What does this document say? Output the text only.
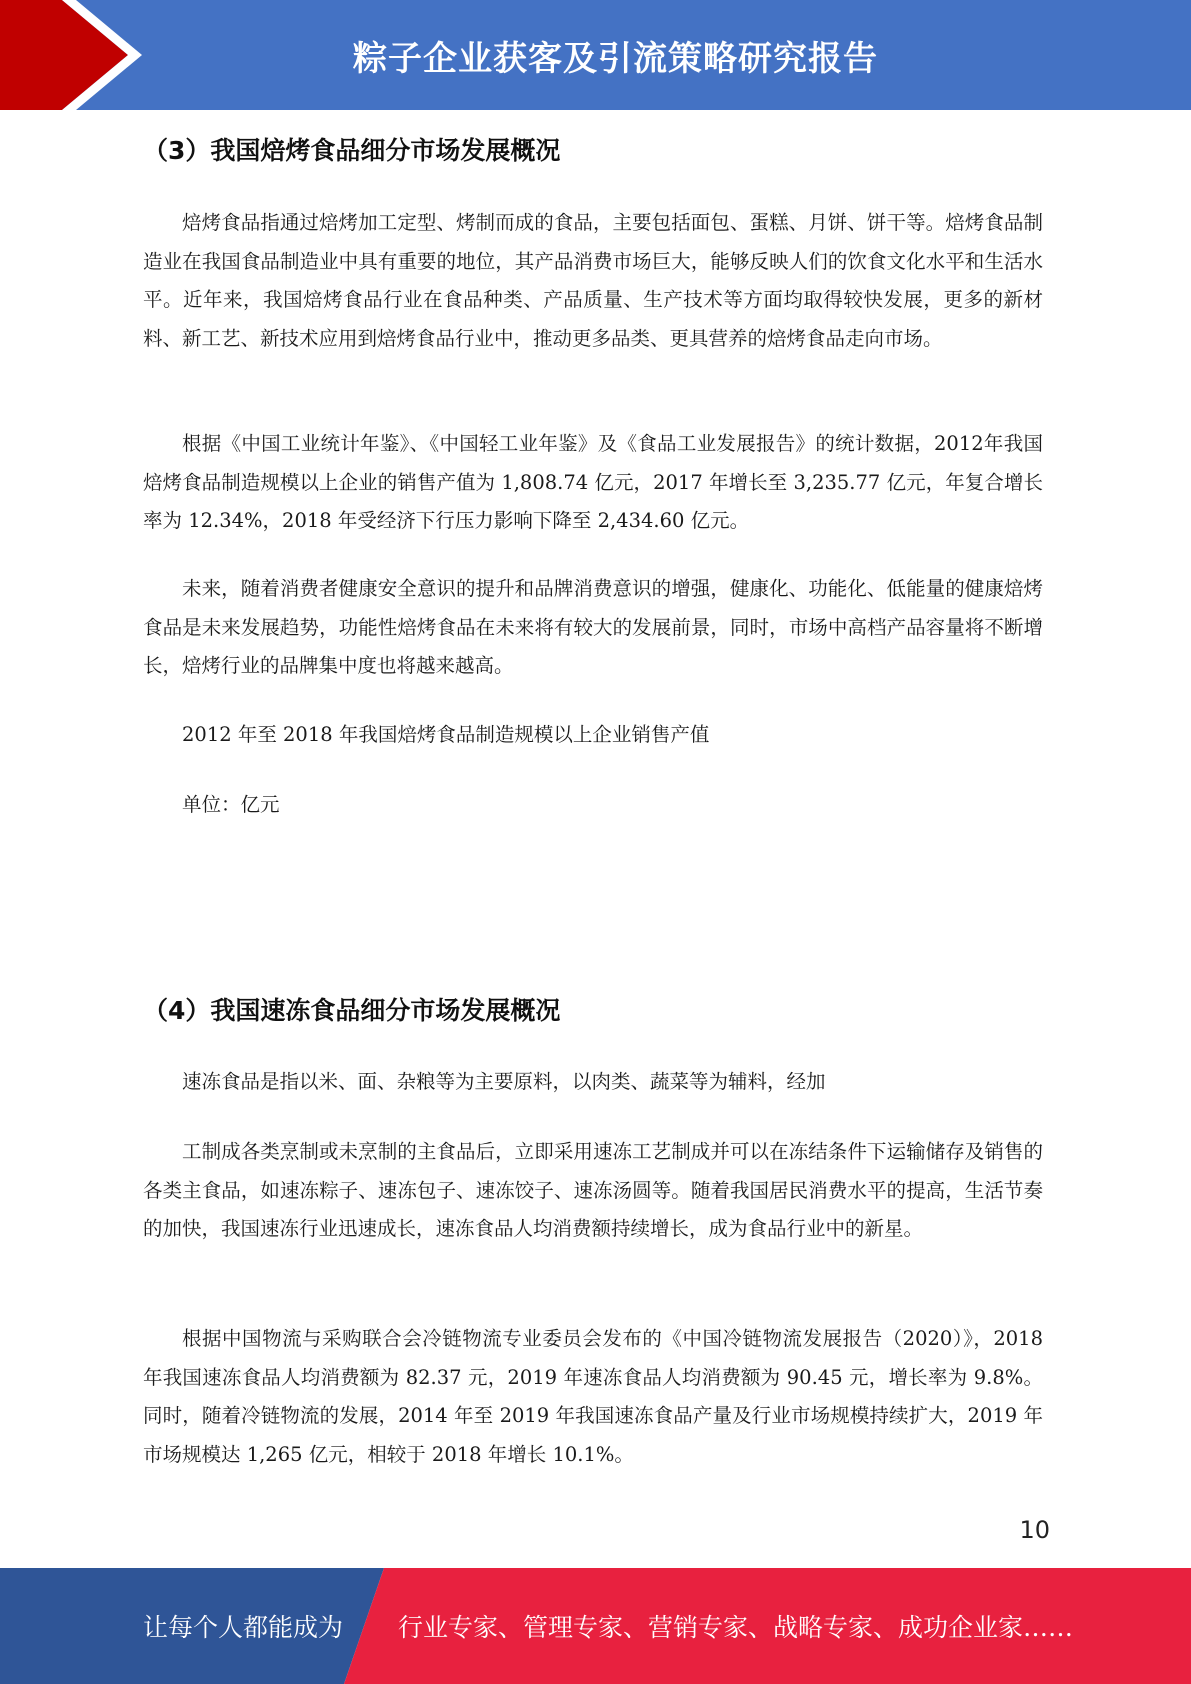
粽子企业获客及引流策略研究报告
（3）我国焙烤食品细分市场发展概况

焙烤食品指通过焙烤加工定型、烤制而成的食品，主要包括面包、蛋糕、月饼、饼干等。焙烤食品制造业在我国食品制造业中具有重要的地位，其产品消费市场巨大，能够反映人们的饮食文化水平和生活水平。近年来，我国焙烤食品行业在食品种类、产品质量、生产技术等方面均取得较快发展，更多的新材料、新工艺、新技术应用到焙烤食品行业中，推动更多品类、更具营养的焙烤食品走向市场。

根据《中国工业统计年鉴》、《中国轻工业年鉴》及《食品工业发展报告》的统计数据，2012年我国焙烤食品制造规模以上企业的销售产值为 1,808.74 亿元，2017 年增长至 3,235.77 亿元，年复合增长率为 12.34%，2018 年受经济下行压力影响下降至 2,434.60 亿元。

未来，随着消费者健康安全意识的提升和品牌消费意识的增强，健康化、功能化、低能量的健康焙烤食品是未来发展趋势，功能性焙烤食品在未来将有较大的发展前景，同时，市场中高档产品容量将不断增长，焙烤行业的品牌集中度也将越来越高。

2012 年至 2018 年我国焙烤食品制造规模以上企业销售产值
单位：亿元
（4）我国速冻食品细分市场发展概况
速冻食品是指以米、面、杂粮等为主要原料，以肉类、蔬菜等为辅料，经加

工制成各类烹制或未烹制的主食品后，立即采用速冻工艺制成并可以在冻结条件下运输储存及销售的各类主食品，如速冻粽子、速冻包子、速冻饺子、速冻汤圆等。随着我国居民消费水平的提高，生活节奏的加快，我国速冻行业迅速成长，速冻食品人均消费额持续增长，成为食品行业中的新星。

根据中国物流与采购联合会冷链物流专业委员会发布的《中国冷链物流发展报告（2020）》，2018 年我国速冻食品人均消费额为 82.37 元，2019 年速冻食品人均消费额为 90.45 元，增长率为 9.8%。同时，随着冷链物流的发展，2014 年至 2019 年我国速冻食品产量及行业市场规模持续扩大，2019 年市场规模达 1,265 亿元，相较于 2018 年增长 10.1%。

10
让每个人都能成为 行业专家、管理专家、营销专家、战略专家、成功企业家……
